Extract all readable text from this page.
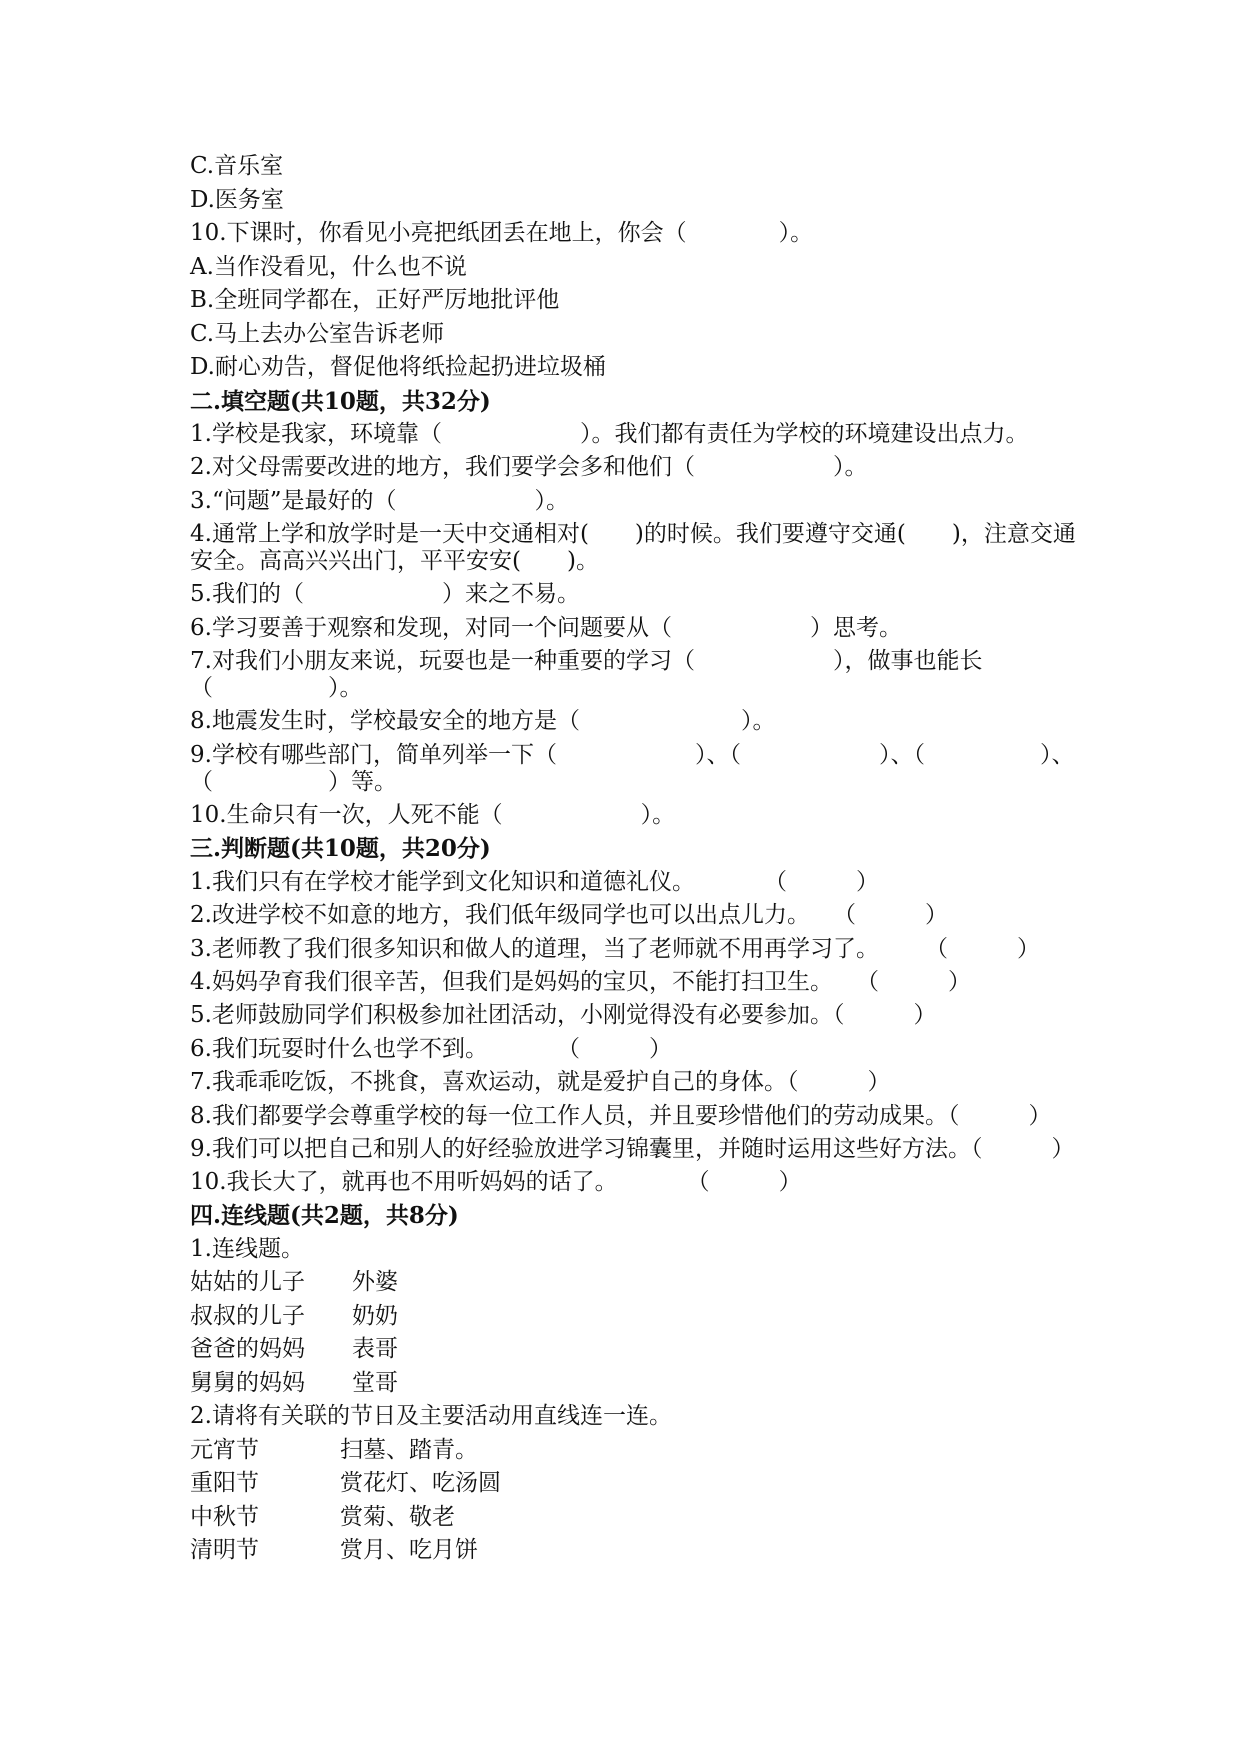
C.音乐室

D.医务室

10.下课时，你看见小亮把纸团丢在地上，你会（　　　　）。

A.当作没看见，什么也不说

B.全班同学都在，正好严厉地批评他

C.马上去办公室告诉老师

D.耐心劝告，督促他将纸捡起扔进垃圾桶

二.填空题(共10题，共32分)

1.学校是我家，环境靠（　　　　　　）。我们都有责任为学校的环境建设出点力。

2.对父母需要改进的地方，我们要学会多和他们（　　　　　　）。

3.“问题”是最好的（　　　　　　）。

4.通常上学和放学时是一天中交通相对(　　)的时候。我们要遵守交通(　　)，注意交通安全。高高兴兴出门，平平安安(　　)。

5.我们的（　　　　　　）来之不易。

6.学习要善于观察和发现，对同一个问题要从（　　　　　　）思考。

7.对我们小朋友来说，玩耍也是一种重要的学习（　　　　　　），做事也能长（　　　　　）。

8.地震发生时，学校最安全的地方是（　　　　　　　）。

9.学校有哪些部门，简单列举一下（　　　　　　）、（　　　　　　）、（　　　　　）、（　　　　　）等。

10.生命只有一次，人死不能（　　　　　　）。

三.判断题(共10题，共20分)

1.我们只有在学校才能学到文化知识和道德礼仪。　　　　（　　　）

2.改进学校不如意的地方，我们低年级同学也可以出点儿力。　　（　　　）

3.老师教了我们很多知识和做人的道理，当了老师就不用再学习了。　　　（　　　）

4.妈妈孕育我们很辛苦，但我们是妈妈的宝贝，不能打扫卫生。　　（　　　）

5.老师鼓励同学们积极参加社团活动，小刚觉得没有必要参加。（　　　）

6.我们玩耍时什么也学不到。　　　　（　　　）

7.我乖乖吃饭，不挑食，喜欢运动，就是爱护自己的身体。（　　　）

8.我们都要学会尊重学校的每一位工作人员，并且要珍惜他们的劳动成果。（　　　）

9.我们可以把自己和别人的好经验放进学习锦囊里，并随时运用这些好方法。（　　　）

10.我长大了，就再也不用听妈妈的话了。　　　　（　　　）

四.连线题(共2题，共8分)

1.连线题。

姑姑的儿子	外婆
叔叔的儿子	奶奶
爸爸的妈妈	表哥
舅舅的妈妈	堂哥

2.请将有关联的节日及主要活动用直线连一连。

元宵节	扫墓、踏青。
重阳节	赏花灯、吃汤圆
中秋节	赏菊、敬老
清明节	赏月、吃月饼
